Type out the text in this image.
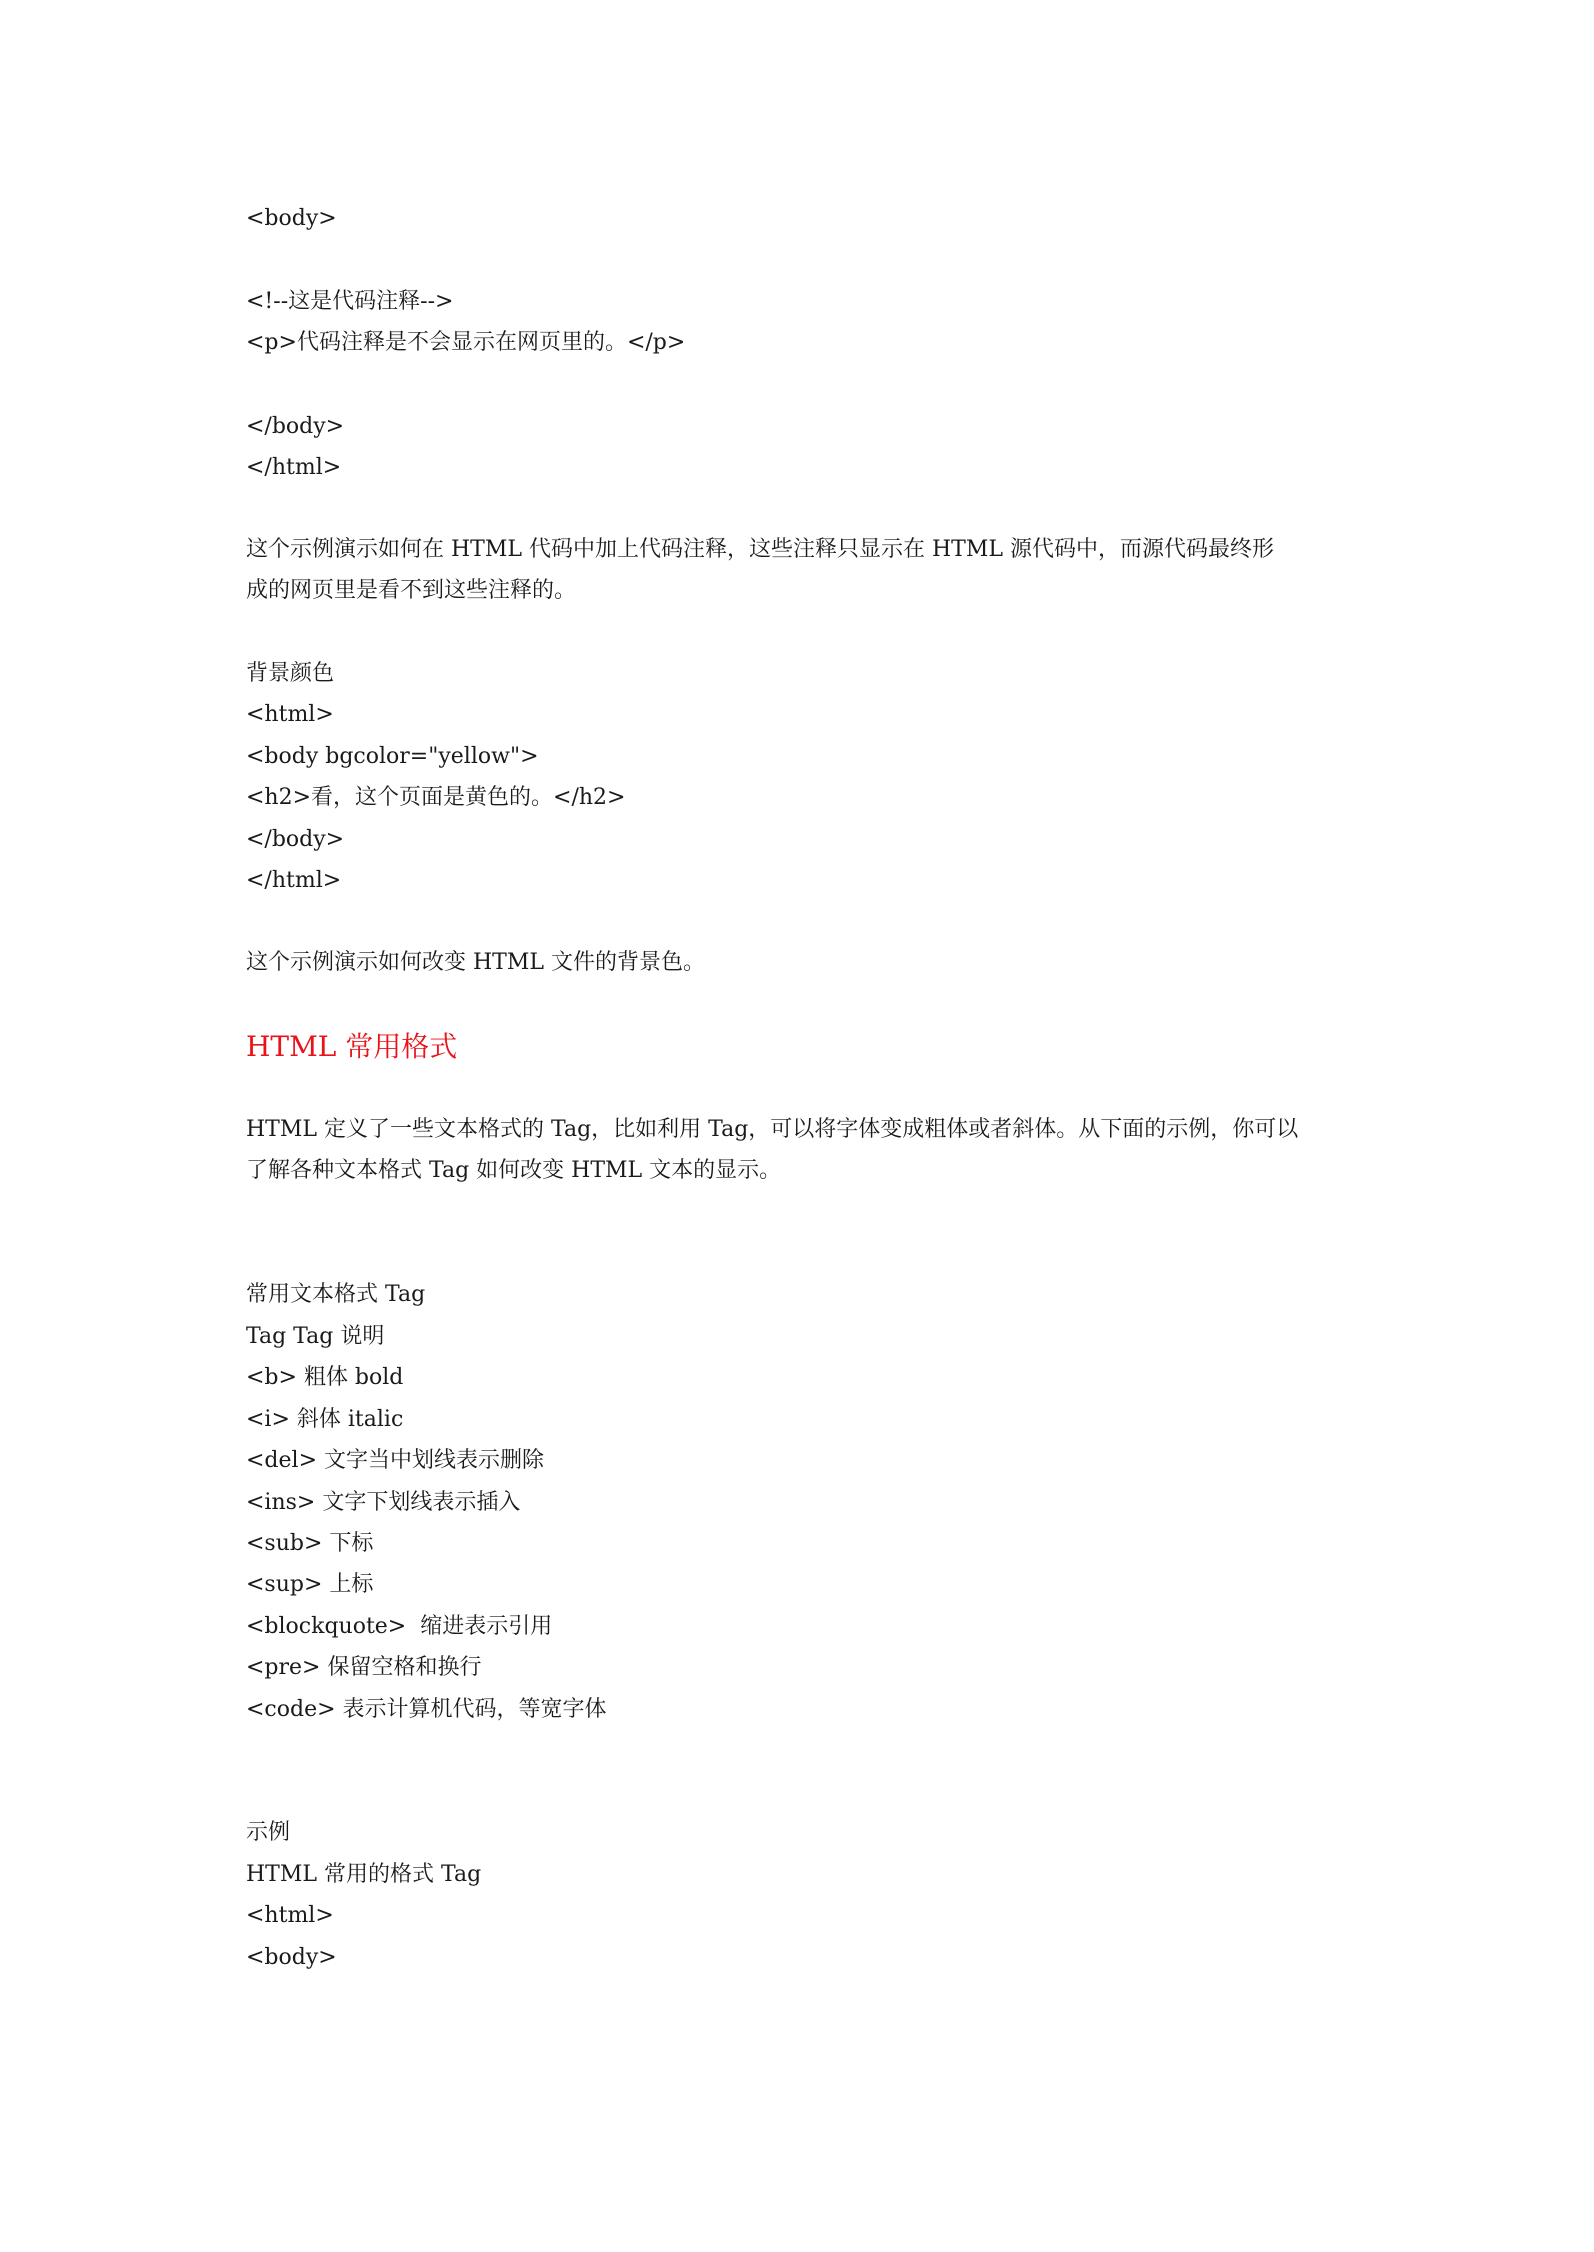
<body>
<!--这是代码注释-->
<p>代码注释是不会显示在网页里的。</p>
</body>
</html>
这个示例演示如何在 HTML 代码中加上代码注释，这些注释只显示在 HTML 源代码中，而源代码最终形
成的网页里是看不到这些注释的。
背景颜色
<html>
<body bgcolor="yellow">
<h2>看，这个页面是黄色的。</h2>
</body>
</html>
这个示例演示如何改变 HTML 文件的背景色。
HTML 常用格式
HTML 定义了一些文本格式的 Tag，比如利用 Tag，可以将字体变成粗体或者斜体。从下面的示例，你可以
了解各种文本格式 Tag 如何改变 HTML 文本的显示。
常用文本格式 Tag
Tag Tag 说明
<b> 粗体 bold
<i> 斜体 italic
<del> 文字当中划线表示删除
<ins> 文字下划线表示插入
<sub> 下标
<sup> 上标
<blockquote>  缩进表示引用
<pre> 保留空格和换行
<code> 表示计算机代码，等宽字体
示例
HTML 常用的格式 Tag
<html>
<body>
